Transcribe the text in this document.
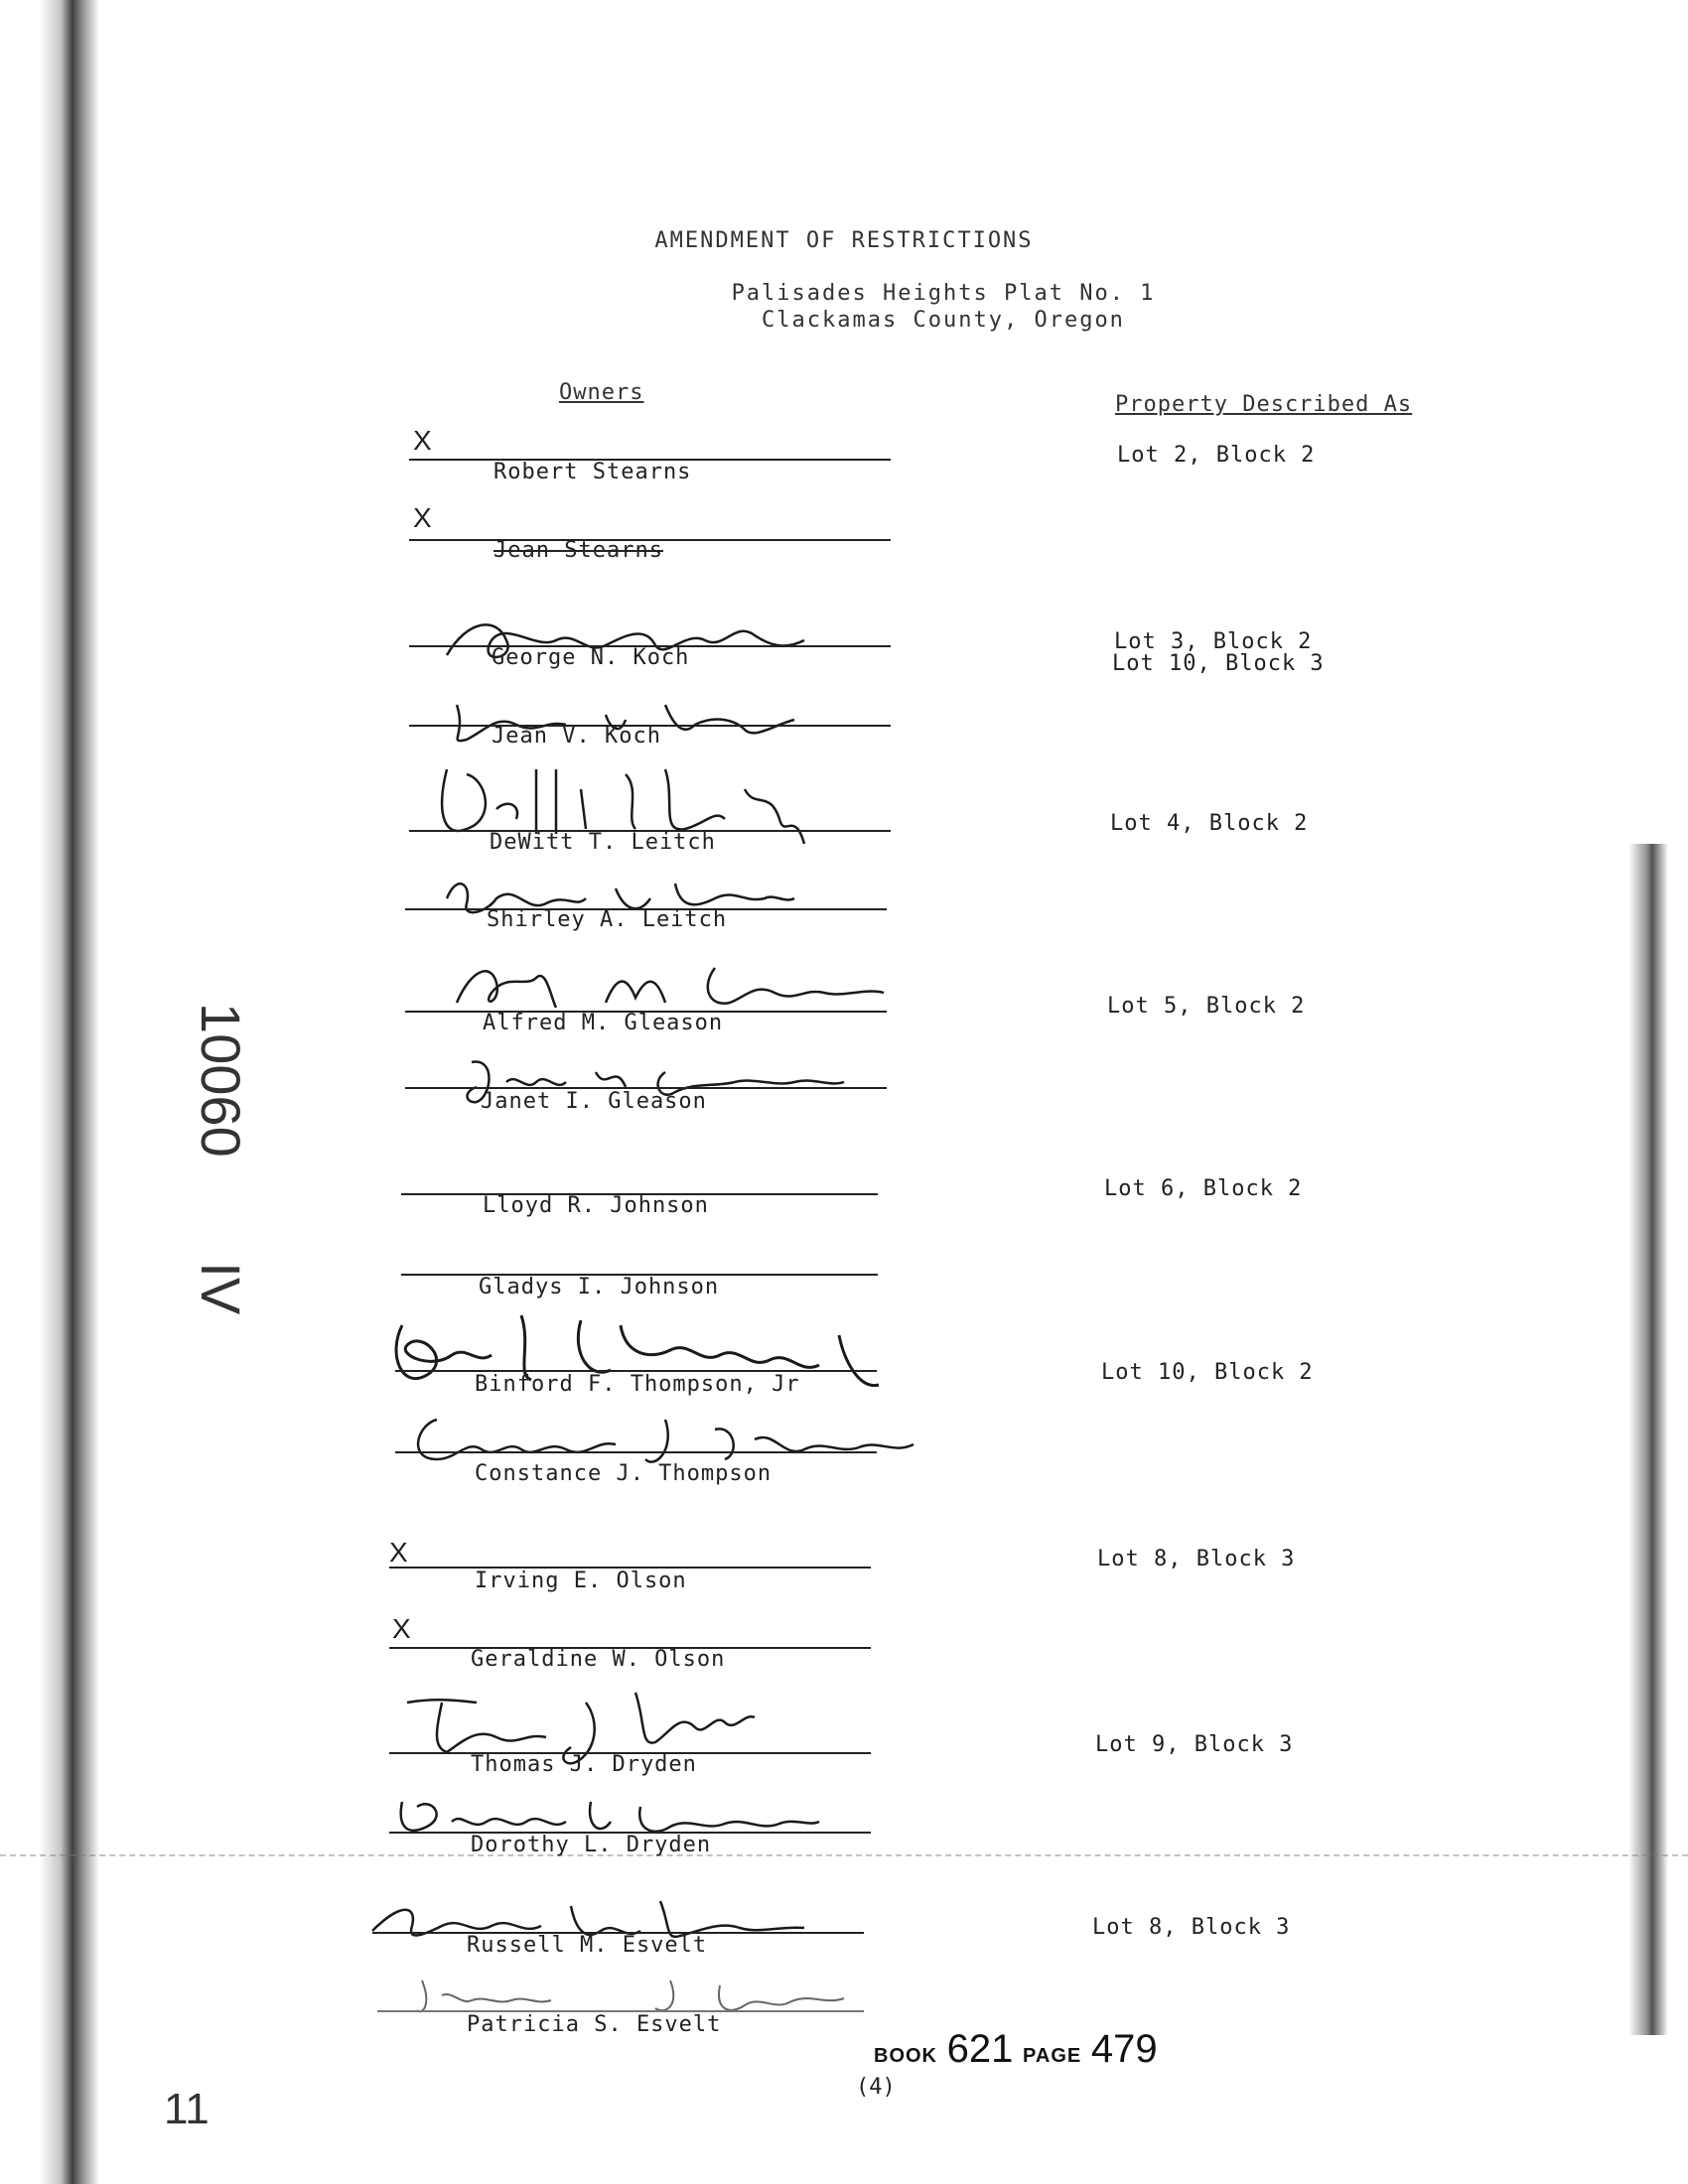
AMENDMENT OF RESTRICTIONS
Palisades Heights Plat No. 1
Clackamas County, Oregon
Owners	Property Described As
X
Robert Stearns
Lot 2, Block 2
X
Jean Stearns
George N. Koch
Lot 3, Block 2
Lot 10, Block 3
Jean V. Koch
DeWitt T. Leitch
Lot 4, Block 2
Shirley A. Leitch
Alfred M. Gleason
Lot 5, Block 2
Janet I. Gleason
Lloyd R. Johnson
Lot 6, Block 2
Gladys I. Johnson
Binford F. Thompson, Jr	Lot 10, Block 2
Constance J. Thompson
X
Irving E. Olson
Lot 8, Block 3
X
Geraldine W. Olson
Thomas J. Dryden
Lot 9, Block 3
Dorothy L. Dryden
Russell M. Esvelt
Lot 8, Block 3
Patricia S. Esvelt
10060 IV
BOOK 621 PAGE 479
(4)
11
